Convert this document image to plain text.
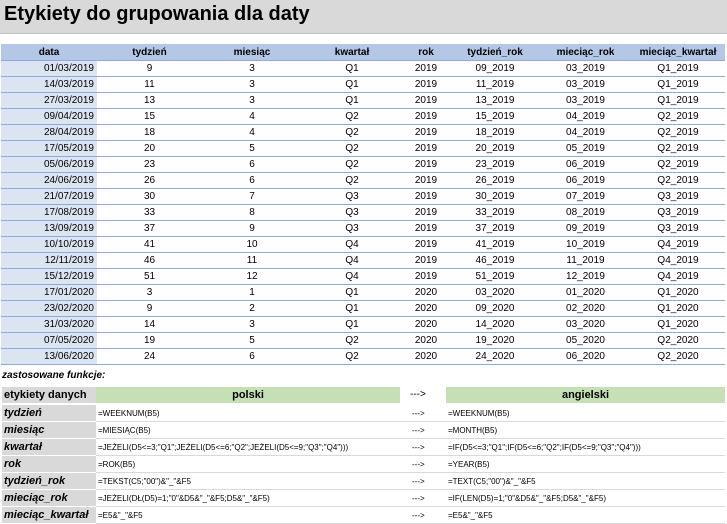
Etykiety do grupowania dla daty
data	tydzień	miesiąc	kwartał	rok	tydzień_rok	mieciąc_rok	mieciąc_kwartał
01/03/2019	9	3	Q1	2019	09_2019	03_2019	Q1_2019
14/03/2019	11	3	Q1	2019	11_2019	03_2019	Q1_2019
27/03/2019	13	3	Q1	2019	13_2019	03_2019	Q1_2019
09/04/2019	15	4	Q2	2019	15_2019	04_2019	Q2_2019
28/04/2019	18	4	Q2	2019	18_2019	04_2019	Q2_2019
17/05/2019	20	5	Q2	2019	20_2019	05_2019	Q2_2019
05/06/2019	23	6	Q2	2019	23_2019	06_2019	Q2_2019
24/06/2019	26	6	Q2	2019	26_2019	06_2019	Q2_2019
21/07/2019	30	7	Q3	2019	30_2019	07_2019	Q3_2019
17/08/2019	33	8	Q3	2019	33_2019	08_2019	Q3_2019
13/09/2019	37	9	Q3	2019	37_2019	09_2019	Q3_2019
10/10/2019	41	10	Q4	2019	41_2019	10_2019	Q4_2019
12/11/2019	46	11	Q4	2019	46_2019	11_2019	Q4_2019
15/12/2019	51	12	Q4	2019	51_2019	12_2019	Q4_2019
17/01/2020	3	1	Q1	2020	03_2020	01_2020	Q1_2020
23/02/2020	9	2	Q1	2020	09_2020	02_2020	Q1_2020
31/03/2020	14	3	Q1	2020	14_2020	03_2020	Q1_2020
07/05/2020	19	5	Q2	2020	19_2020	05_2020	Q2_2020
13/06/2020	24	6	Q2	2020	24_2020	06_2020	Q2_2020
zastosowane funkcje:
etykiety danych	polski	--->	angielski
tydzień	=WEEKNUM(B5)	--->	=WEEKNUM(B5)
miesiąc	=MIESIĄC(B5)	--->	=MONTH(B5)
kwartał	=JEŻELI(D5<=3;"Q1";JEŻELI(D5<=6;"Q2";JEŻELI(D5<=9;"Q3";"Q4")))	--->	=IF(D5<=3;"Q1";IF(D5<=6;"Q2";IF(D5<=9;"Q3";"Q4")))
rok	=ROK(B5)	--->	=YEAR(B5)
tydzień_rok	=TEKST(C5;"00")&"_"&F5	--->	=TEXT(C5;"00")&"_"&F5
mieciąc_rok	=JEŻELI(DŁ(D5)=1;"0"&D5&"_"&F5;D5&"_"&F5)	--->	=IF(LEN(D5)=1;"0"&D5&"_"&F5;D5&"_"&F5)
mieciąc_kwartał	=E5&"_"&F5	--->	=E5&"_"&F5
